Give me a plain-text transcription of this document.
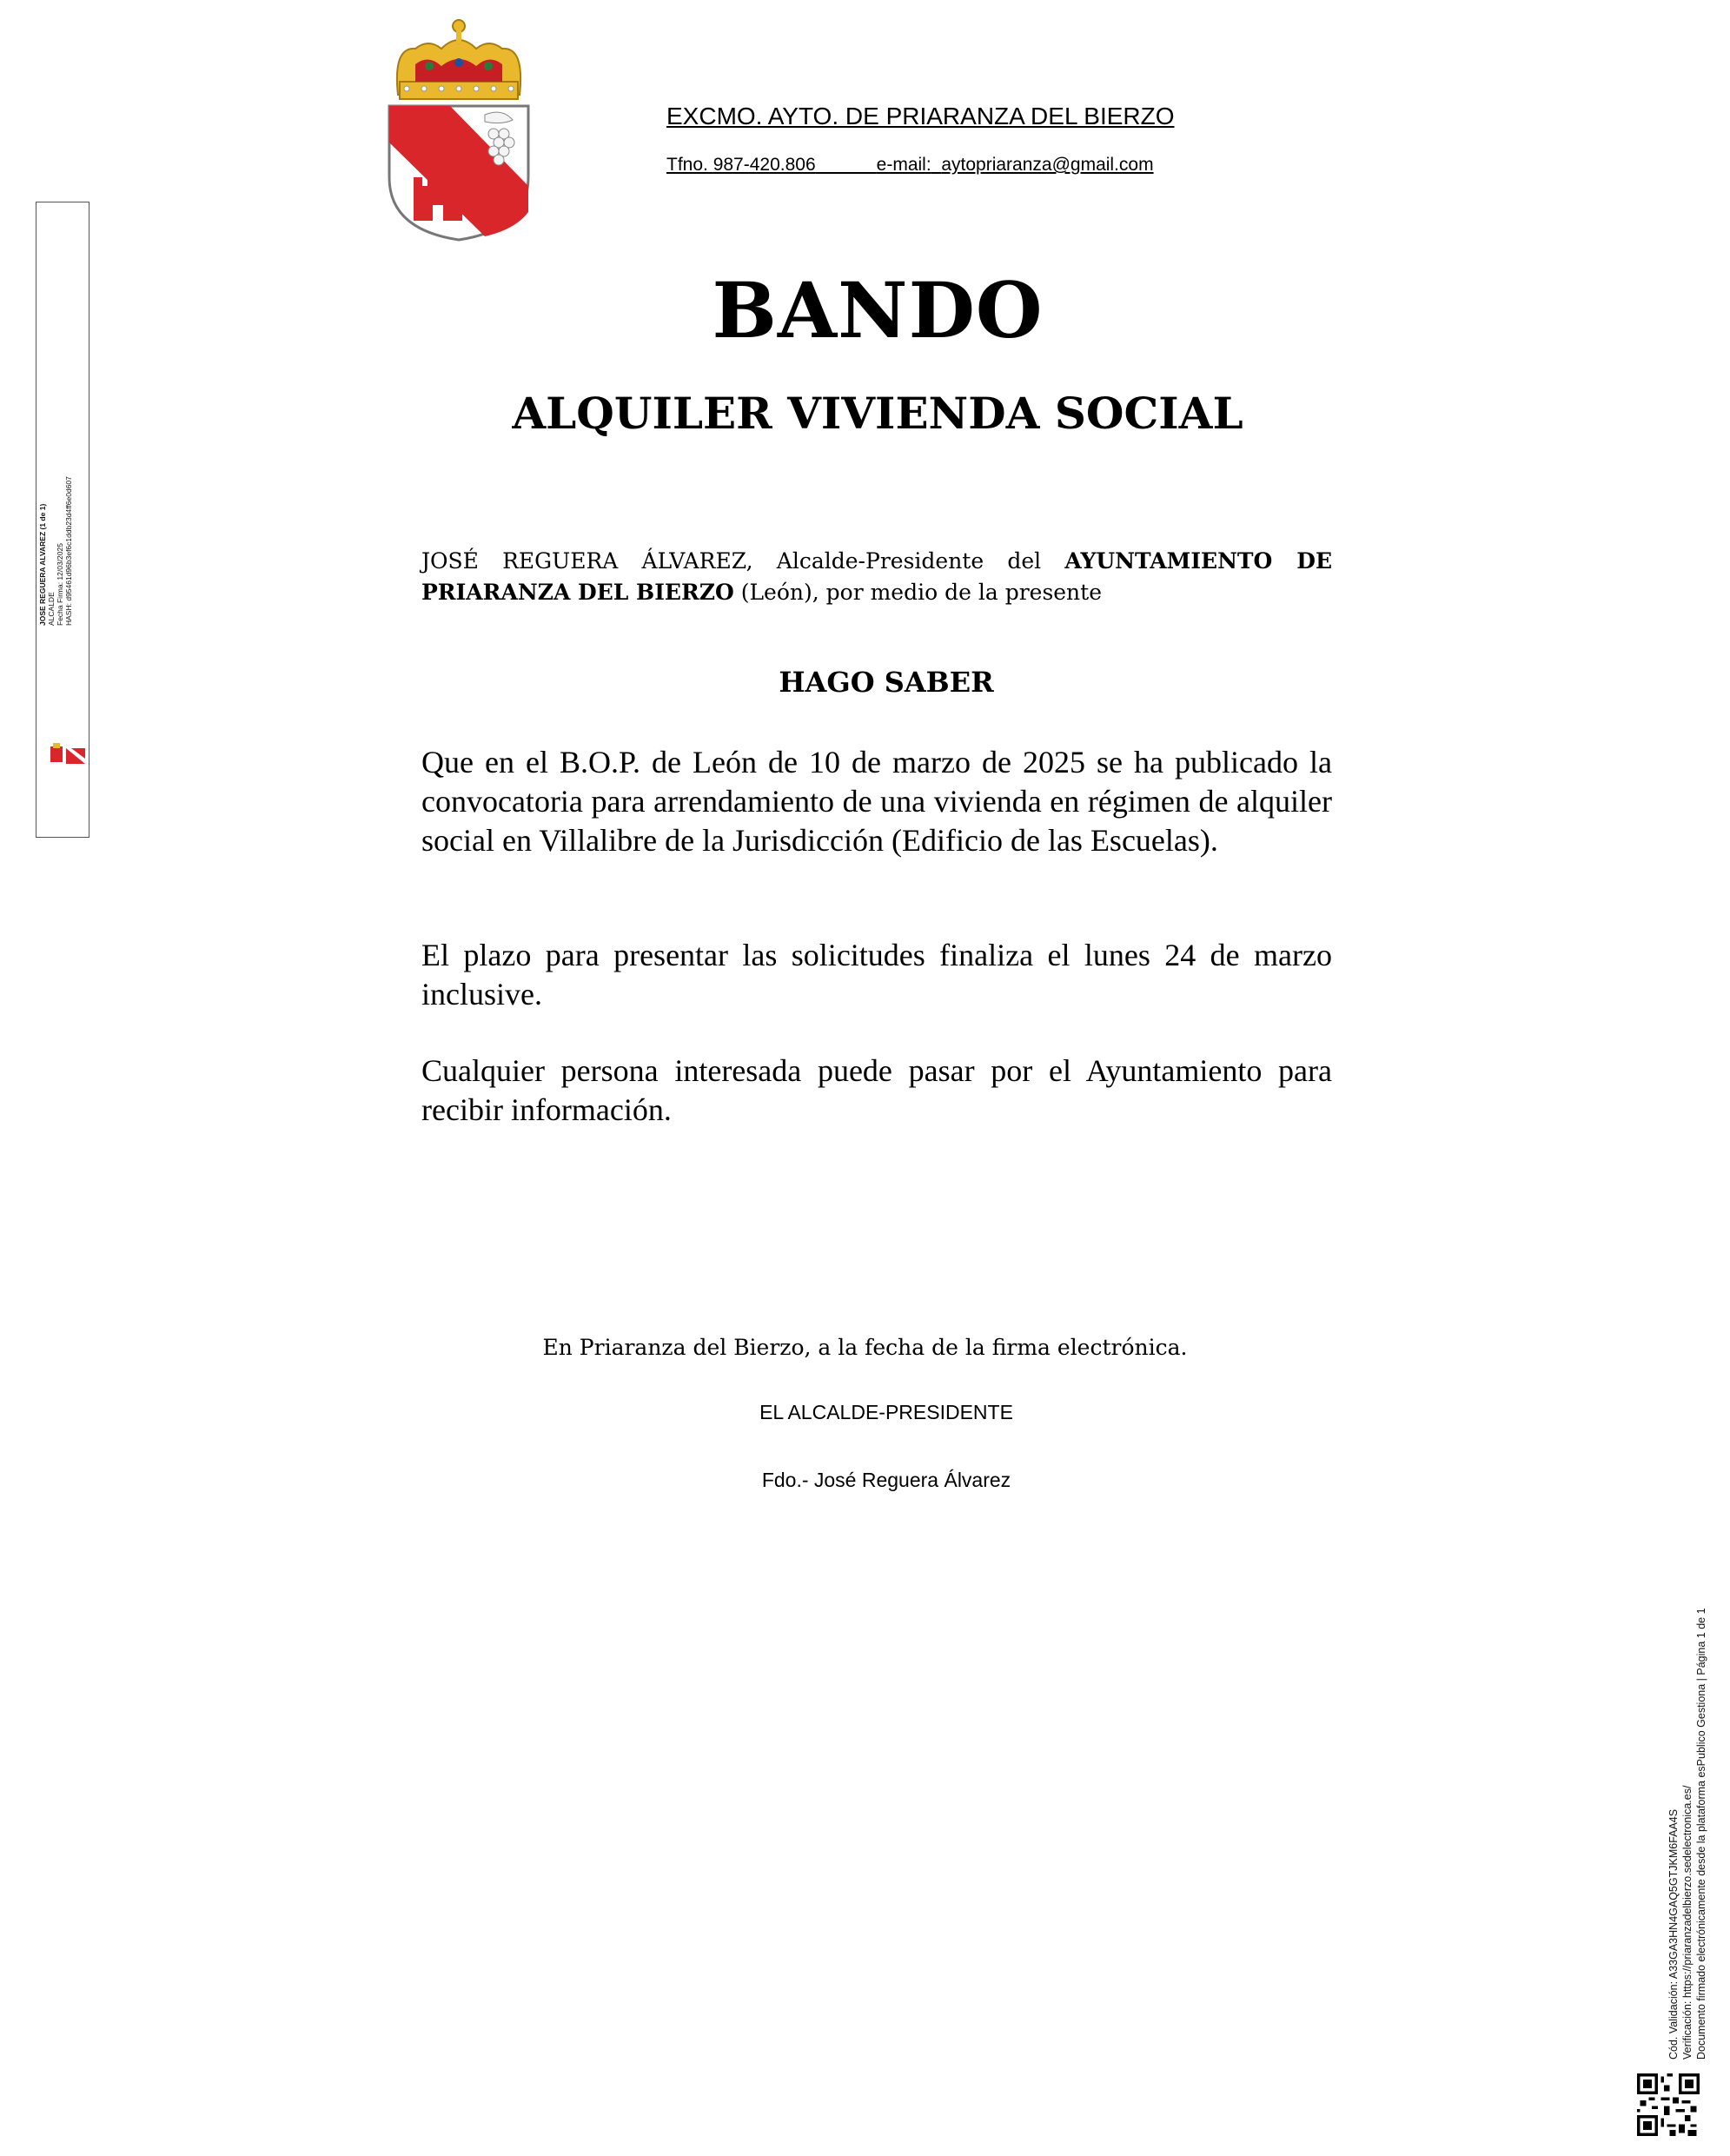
JOSE REGUERA ALVAREZ (1 de 1) ALCALDE Fecha Firma: 12/03/2025 HASH: d95461d96b3ef6c1ddb23d4ff6e0d607
EXCMO. AYTO. DE PRIARANZA DEL BIERZO
Tfno. 987-420.806	e-mail: aytopriaranza@gmail.com
BANDO
ALQUILER VIVIENDA SOCIAL
JOSÉ REGUERA ÁLVAREZ, Alcalde-Presidente del AYUNTAMIENTO DE PRIARANZA DEL BIERZO (León), por medio de la presente
HAGO SABER
Que en el B.O.P. de León de 10 de marzo de 2025 se ha publicado la convocatoria para arrendamiento de una vivienda en régimen de alquiler social en Villalibre de la Jurisdicción (Edificio de las Escuelas).
El plazo para presentar las solicitudes finaliza el lunes 24 de marzo inclusive.
Cualquier persona interesada puede pasar por el Ayuntamiento para recibir información.
En Priaranza del Bierzo, a la fecha de la firma electrónica.
EL ALCALDE-PRESIDENTE
Fdo.- José Reguera Álvarez
Cód. Validación: A33GA3HN4GAQ5GTJKM6FAA4S Verificación: https://priaranzadelbierzo.sedelectronica.es/ Documento firmado electrónicamente desde la plataforma esPublico Gestiona | Página 1 de 1
